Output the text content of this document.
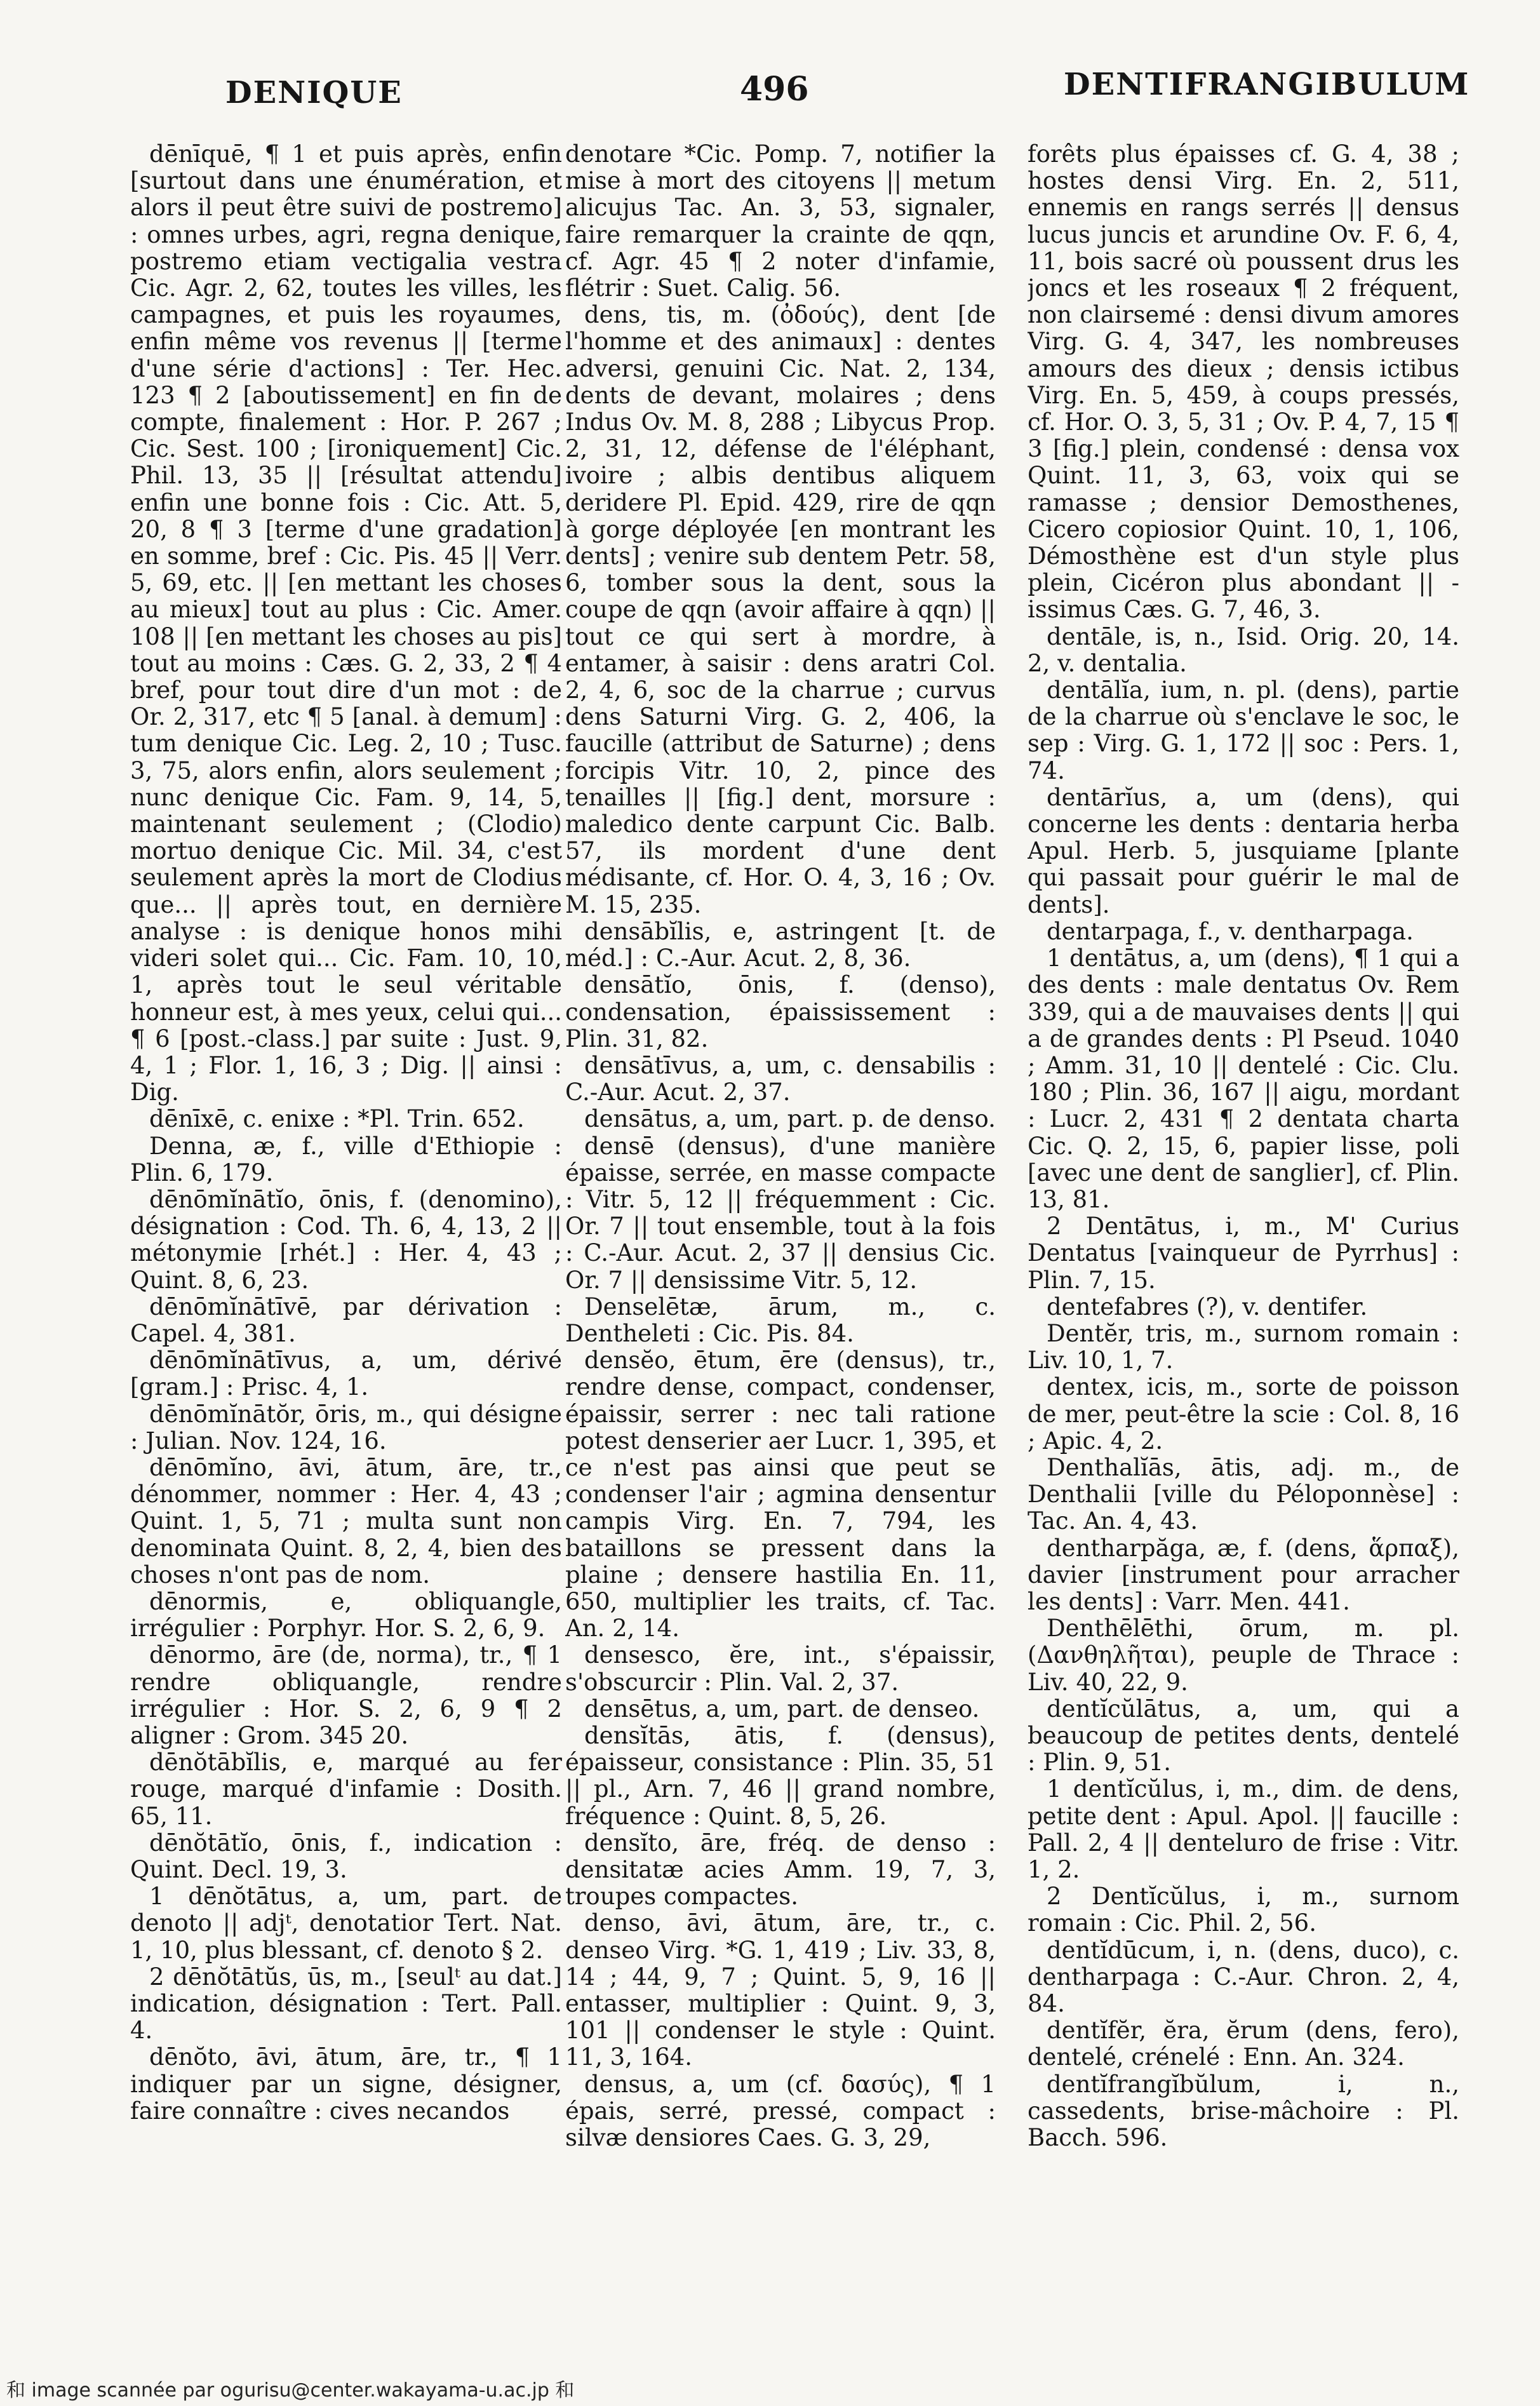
DENIQUE	496	DENTIFRANGIBULUM

dēnīquē, ¶ 1 et puis après, enfin [surtout dans une énumération, et alors il peut être suivi de postremo] : omnes urbes, agri, regna denique, postremo etiam vectigalia vestra Cic. Agr. 2, 62, toutes les villes, les campagnes, et puis les royaumes, enfin même vos revenus || [terme d'une série d'actions] : Ter. Hec. 123 ¶ 2 [aboutissement] en fin de compte, finalement : Hor. P. 267 ; Cic. Sest. 100 ; [ironiquement] Cic. Phil. 13, 35 || [résultat attendu] enfin une bonne fois : Cic. Att. 5, 20, 8 ¶ 3 [terme d'une gradation] en somme, bref : Cic. Pis. 45 || Verr. 5, 69, etc. || [en mettant les choses au mieux] tout au plus : Cic. Amer. 108 || [en mettant les choses au pis] tout au moins : Cæs. G. 2, 33, 2 ¶ 4 bref, pour tout dire d'un mot : de Or. 2, 317, etc ¶ 5 [anal. à demum] : tum denique Cic. Leg. 2, 10 ; Tusc. 3, 75, alors enfin, alors seulement ; nunc denique Cic. Fam. 9, 14, 5, maintenant seulement ; (Clodio) mortuo denique Cic. Mil. 34, c'est seulement après la mort de Clodius que... || après tout, en dernière analyse : is denique honos mihi videri solet qui... Cic. Fam. 10, 10, 1, après tout le seul véritable honneur est, à mes yeux, celui qui... ¶ 6 [post.-class.] par suite : Just. 9, 4, 1 ; Flor. 1, 16, 3 ; Dig. || ainsi : Dig.

dēnīxē, c. enixe : *Pl. Trin. 652.

Denna, æ, f., ville d'Ethiopie : Plin. 6, 179.

dēnōmĭnātĭo, ōnis, f. (denomino), désignation : Cod. Th. 6, 4, 13, 2 || métonymie [rhét.] : Her. 4, 43 ; Quint. 8, 6, 23.

dēnōmĭnātīvē, par dérivation : Capel. 4, 381.

dēnōmĭnātīvus, a, um, dérivé [gram.] : Prisc. 4, 1.

dēnōmĭnātŏr, ōris, m., qui désigne : Julian. Nov. 124, 16.

dēnōmĭno, āvi, ātum, āre, tr., dénommer, nommer : Her. 4, 43 ; Quint. 1, 5, 71 ; multa sunt non denominata Quint. 8, 2, 4, bien des choses n'ont pas de nom.

dēnormis, e, obliquangle, irrégulier : Porphyr. Hor. S. 2, 6, 9.

dēnormo, āre (de, norma), tr., ¶ 1 rendre obliquangle, rendre irrégulier : Hor. S. 2, 6, 9 ¶ 2 aligner : Grom. 345 20.

dēnŏtābĭlis, e, marqué au fer rouge, marqué d'infamie : Dosith. 65, 11.

dēnŏtātĭo, ōnis, f., indication : Quint. Decl. 19, 3.

1 dēnŏtātus, a, um, part. de denoto || adjᵗ, denotatior Tert. Nat. 1, 10, plus blessant, cf. denoto § 2.

2 dēnŏtātŭs, ūs, m., [seulᵗ au dat.] indication, désignation : Tert. Pall. 4.

dēnŏto, āvi, ātum, āre, tr., ¶ 1 indiquer par un signe, désigner, faire connaître : cives necandos

denotare *Cic. Pomp. 7, notifier la mise à mort des citoyens || metum alicujus Tac. An. 3, 53, signaler, faire remarquer la crainte de qqn, cf. Agr. 45 ¶ 2 noter d'infamie, flétrir : Suet. Calig. 56.

dens, tis, m. (ὀδούς), dent [de l'homme et des animaux] : dentes adversi, genuini Cic. Nat. 2, 134, dents de devant, molaires ; dens Indus Ov. M. 8, 288 ; Libycus Prop. 2, 31, 12, défense de l'éléphant, ivoire ; albis dentibus aliquem deridere Pl. Epid. 429, rire de qqn à gorge déployée [en montrant les dents] ; venire sub dentem Petr. 58, 6, tomber sous la dent, sous la coupe de qqn (avoir affaire à qqn) || tout ce qui sert à mordre, à entamer, à saisir : dens aratri Col. 2, 4, 6, soc de la charrue ; curvus dens Saturni Virg. G. 2, 406, la faucille (attribut de Saturne) ; dens forcipis Vitr. 10, 2, pince des tenailles || [fig.] dent, morsure : maledico dente carpunt Cic. Balb. 57, ils mordent d'une dent médisante, cf. Hor. O. 4, 3, 16 ; Ov. M. 15, 235.

densābĭlis, e, astringent [t. de méd.] : C.-Aur. Acut. 2, 8, 36.

densātĭo, ōnis, f. (denso), condensation, épaississement : Plin. 31, 82.

densātīvus, a, um, c. densabilis : C.-Aur. Acut. 2, 37.

densātus, a, um, part. p. de denso.

densē (densus), d'une manière épaisse, serrée, en masse compacte : Vitr. 5, 12 || fréquemment : Cic. Or. 7 || tout ensemble, tout à la fois : C.-Aur. Acut. 2, 37 || densius Cic. Or. 7 || densissime Vitr. 5, 12.

Denselētæ, ārum, m., c. Dentheleti : Cic. Pis. 84.

densĕo, ētum, ēre (densus), tr., rendre dense, compact, condenser, épaissir, serrer : nec tali ratione potest denserier aer Lucr. 1, 395, et ce n'est pas ainsi que peut se condenser l'air ; agmina densentur campis Virg. En. 7, 794, les bataillons se pressent dans la plaine ; densere hastilia En. 11, 650, multiplier les traits, cf. Tac. An. 2, 14.

densesco, ĕre, int., s'épaissir, s'obscurcir : Plin. Val. 2, 37.

densētus, a, um, part. de denseo.

densĭtās, ātis, f. (densus), épaisseur, consistance : Plin. 35, 51 || pl., Arn. 7, 46 || grand nombre, fréquence : Quint. 8, 5, 26.

densĭto, āre, fréq. de denso : densitatæ acies Amm. 19, 7, 3, troupes compactes.

denso, āvi, ātum, āre, tr., c. denseo Virg. *G. 1, 419 ; Liv. 33, 8, 14 ; 44, 9, 7 ; Quint. 5, 9, 16 || entasser, multiplier : Quint. 9, 3, 101 || condenser le style : Quint. 11, 3, 164.

densus, a, um (cf. δασύς), ¶ 1 épais, serré, pressé, compact : silvæ densiores Caes. G. 3, 29,

forêts plus épaisses cf. G. 4, 38 ; hostes densi Virg. En. 2, 511, ennemis en rangs serrés || densus lucus juncis et arundine Ov. F. 6, 4, 11, bois sacré où poussent drus les joncs et les roseaux ¶ 2 fréquent, non clairsemé : densi divum amores Virg. G. 4, 347, les nombreuses amours des dieux ; densis ictibus Virg. En. 5, 459, à coups pressés, cf. Hor. O. 3, 5, 31 ; Ov. P. 4, 7, 15 ¶ 3 [fig.] plein, condensé : densa vox Quint. 11, 3, 63, voix qui se ramasse ; densior Demosthenes, Cicero copiosior Quint. 10, 1, 106, Démosthène est d'un style plus plein, Cicéron plus abondant || -issimus Cæs. G. 7, 46, 3.

dentāle, is, n., Isid. Orig. 20, 14. 2, v. dentalia.

dentālĭa, ium, n. pl. (dens), partie de la charrue où s'enclave le soc, le sep : Virg. G. 1, 172 || soc : Pers. 1, 74.

dentārĭus, a, um (dens), qui concerne les dents : dentaria herba Apul. Herb. 5, jusquiame [plante qui passait pour guérir le mal de dents].

dentarpaga, f., v. dentharpaga.

1 dentātus, a, um (dens), ¶ 1 qui a des dents : male dentatus Ov. Rem 339, qui a de mauvaises dents || qui a de grandes dents : Pl Pseud. 1040 ; Amm. 31, 10 || dentelé : Cic. Clu. 180 ; Plin. 36, 167 || aigu, mordant : Lucr. 2, 431 ¶ 2 dentata charta Cic. Q. 2, 15, 6, papier lisse, poli [avec une dent de sanglier], cf. Plin. 13, 81.

2 Dentātus, i, m., M' Curius Dentatus [vainqueur de Pyrrhus] : Plin. 7, 15.

dentefabres (?), v. dentifer.

Dentĕr, tris, m., surnom romain : Liv. 10, 1, 7.

dentex, icis, m., sorte de poisson de mer, peut-être la scie : Col. 8, 16 ; Apic. 4, 2.

Denthalĭās, ātis, adj. m., de Denthalii [ville du Péloponnèse] : Tac. An. 4, 43.

dentharpăga, æ, f. (dens, ἅρπαξ), davier [instrument pour arracher les dents] : Varr. Men. 441.

Denthēlēthi, ōrum, m. pl. (Δανθηλῆται), peuple de Thrace : Liv. 40, 22, 9.

dentĭcŭlātus, a, um, qui a beaucoup de petites dents, dentelé : Plin. 9, 51.

1 dentĭcŭlus, i, m., dim. de dens, petite dent : Apul. Apol. || faucille : Pall. 2, 4 || denteluro de frise : Vitr. 1, 2.

2 Dentĭcŭlus, i, m., surnom romain : Cic. Phil. 2, 56.

dentĭdūcum, i, n. (dens, duco), c. dentharpaga : C.-Aur. Chron. 2, 4, 84.

dentĭfĕr, ĕra, ĕrum (dens, fero), dentelé, crénelé : Enn. An. 324.

dentĭfrangĭbŭlum, i, n., cassedents, brise-mâchoire : Pl. Bacch. 596.

和 image scannée par ogurisu@center.wakayama-u.ac.jp 和
